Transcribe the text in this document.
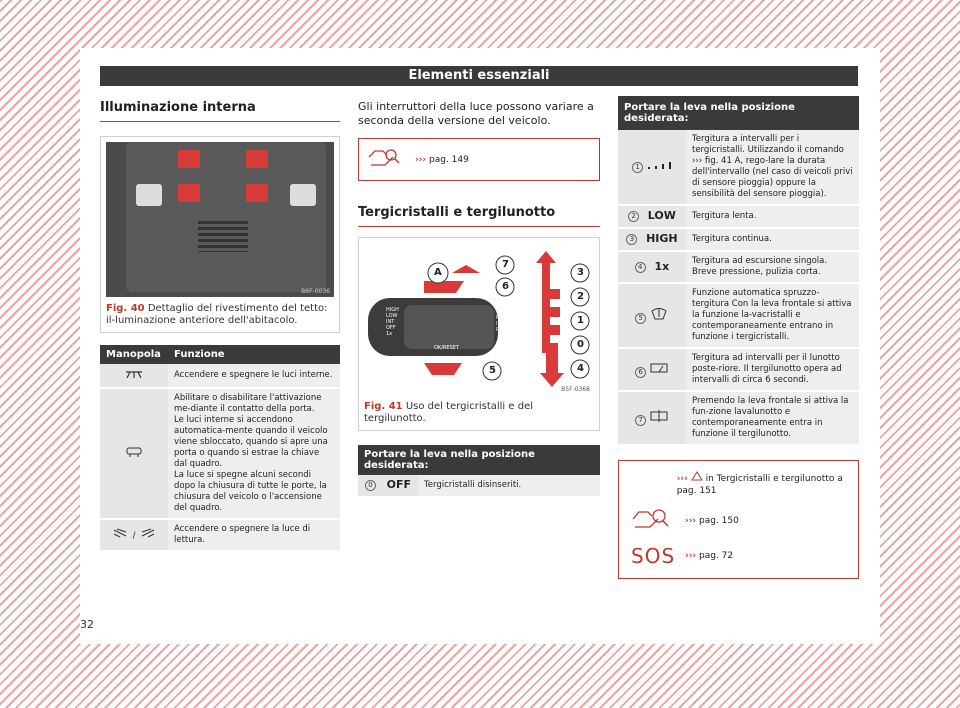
Elementi essenziali
Illuminazione interna
B6F-0036
Fig. 40 Dettaglio del rivestimento del tetto: il-luminazione anteriore dell'abitacolo.
Manopola	Funzione
	Accendere e spegnere le luci interne.
	Abilitare o disabilitare l'attivazione me-diante il contatto della porta.
Le luci interne si accendono automatica-mente quando il veicolo viene sbloccato, quando si apre una porta o quando si estrae la chiave dal quadro.
La luce si spegne alcuni secondi dopo la chiusura di tutte le porte, la chiusura del veicolo o l'accensione del quadro.
/	Accendere o spegnere la luce di lettura.
Gli interruttori della luce possono variare a seconda della versione del veicolo.
››› pag. 149
Tergicristalli e tergilunotto
A
7
6
5
3
2
1
0
4
HIGH
LOW
INT
OFF
1x
OK/RESET
T
R
I
P
B5F-0368
Fig. 41 Uso del tergicristalli e del tergilunotto.
Portare la leva nella posizione desiderata:
0 OFF	Tergicristalli disinseriti.
Portare la leva nella posizione desiderata:	
1	Tergitura a intervalli per i tergicristalli. Utilizzando il comando ››› fig. 41 A, rego-lare la durata dell'intervallo (nel caso di veicoli privi di sensore pioggia) oppure la sensibilità del sensore pioggia).
2 LOW	Tergitura lenta.
3 HIGH	Tergitura continua.
4 1x	Tergitura ad escursione singola. Breve pressione, pulizia corta.
5	Funzione automatica spruzzo-tergitura Con la leva frontale si attiva la funzione la-vacristalli e contemporaneamente entrano in funzione i tergicristalli.
6	Tergitura ad intervalli per il lunotto poste-riore. Il tergilunotto opera ad intervalli di circa 6 secondi.
7	Premendo la leva frontale si attiva la fun-zione lavalunotto e contemporaneamente entra in funzione il tergilunotto.
››› in Tergicristalli e tergilunotto a pag. 151
››› pag. 150
SOS ››› pag. 72
32
